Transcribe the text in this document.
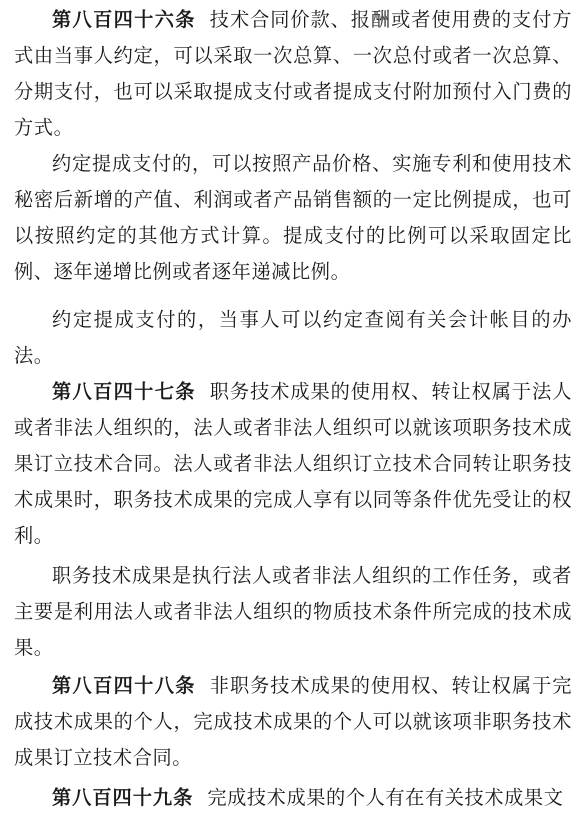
第八百四十六条 技术合同价款、报酬或者使用费的支付方式由当事人约定，可以采取一次总算、一次总付或者一次总算、分期支付，也可以采取提成支付或者提成支付附加预付入门费的方式。

约定提成支付的，可以按照产品价格、实施专利和使用技术秘密后新增的产值、利润或者产品销售额的一定比例提成，也可以按照约定的其他方式计算。提成支付的比例可以采取固定比例、逐年递增比例或者逐年递减比例。

约定提成支付的，当事人可以约定查阅有关会计帐目的办法。

第八百四十七条 职务技术成果的使用权、转让权属于法人或者非法人组织的，法人或者非法人组织可以就该项职务技术成果订立技术合同。法人或者非法人组织订立技术合同转让职务技术成果时，职务技术成果的完成人享有以同等条件优先受让的权利。

职务技术成果是执行法人或者非法人组织的工作任务，或者主要是利用法人或者非法人组织的物质技术条件所完成的技术成果。

第八百四十八条 非职务技术成果的使用权、转让权属于完成技术成果的个人，完成技术成果的个人可以就该项非职务技术成果订立技术合同。

第八百四十九条 完成技术成果的个人有在有关技术成果文
